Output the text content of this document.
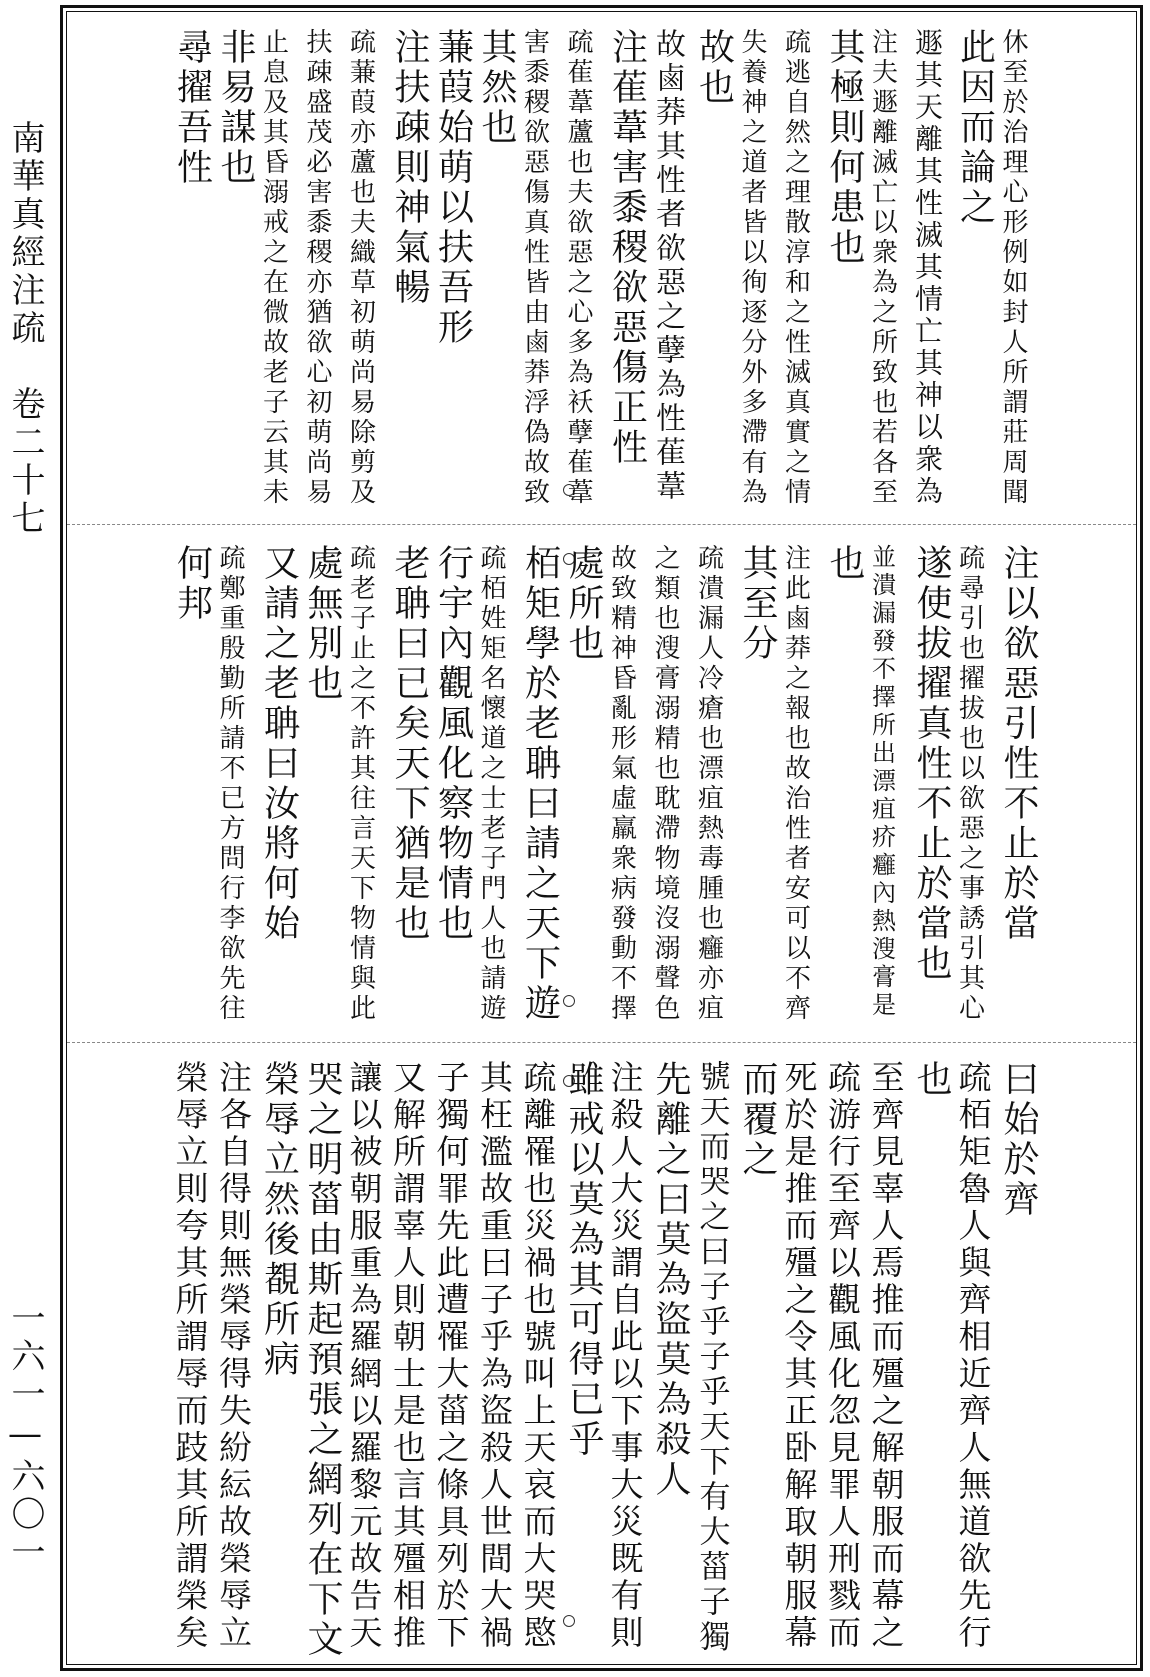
南華真經注疏　卷二十七
一六一—六〇一
休至於治理心形例如封人所謂莊周聞
此因而論之
遯其天離其性滅其情亡其神以衆為
注夫遯離滅亡以衆為之所致也若各至
其極則何患也
疏逃自然之理散淳和之性滅真實之情
失養神之道者皆以徇逐分外多滯有為
故也
故鹵莽其性者欲惡之孽為性萑葦
注萑葦害黍稷欲惡傷正性
疏萑葦蘆也夫欲惡之心多為袄孽萑葦
害黍稷欲惡傷真性皆由鹵莽浮偽故致
其然也
蒹葭始萌以扶吾形
注扶疎則神氣暢
疏蒹葭亦蘆也夫織草初萌尚易除剪及
扶疎盛茂必害黍稷亦猶欲心初萌尚易
止息及其昏溺戒之在微故老子云其未
非易謀也
尋擢吾性
注以欲惡引性不止於當
疏尋引也擢拔也以欲惡之事誘引其心
遂使拔擢真性不止於當也
並潰漏發不擇所出漂疽疥癰內熱溲膏是
也
注此鹵莽之報也故治性者安可以不齊
其至分
疏潰漏人冷瘡也漂疽熱毒腫也癰亦疽
之類也溲膏溺精也耽滯物境沒溺聲色
故致精神昏亂形氣虛羸衆病發動不擇
處所也
栢矩學於老聃曰請之天下遊
疏栢姓矩名懷道之士老子門人也請遊
行宇內觀風化察物情也
老聃曰已矣天下猶是也
疏老子止之不許其往言天下物情與此
處無別也
又請之老聃曰汝將何始
疏鄭重殷勤所請不已方問行李欲先往
何邦
曰始於齊
疏栢矩魯人與齊相近齊人無道欲先行
也
至齊見辜人焉推而殭之解朝服而幕之
疏游行至齊以觀風化忽見罪人刑戮而
死於是推而殭之令其正卧解取朝服幕
而覆之
號天而哭之曰子乎子乎天下有大菑子獨
先離之曰莫為盜莫為殺人
注殺人大災謂自此以下事大災既有則
雖戒以莫為其可得已乎
疏離罹也災禍也號叫上天哀而大哭愍
其枉濫故重曰子乎為盜殺人世間大禍
子獨何罪先此遭罹大菑之條具列於下
又解所謂辜人則朝士是也言其殭相推
讓以被朝服重為羅網以羅黎元故告天
哭之明菑由斯起預張之網列在下文
榮辱立然後覩所病
注各自得則無榮辱得失紛紜故榮辱立
榮辱立則夸其所謂辱而跂其所謂榮矣
